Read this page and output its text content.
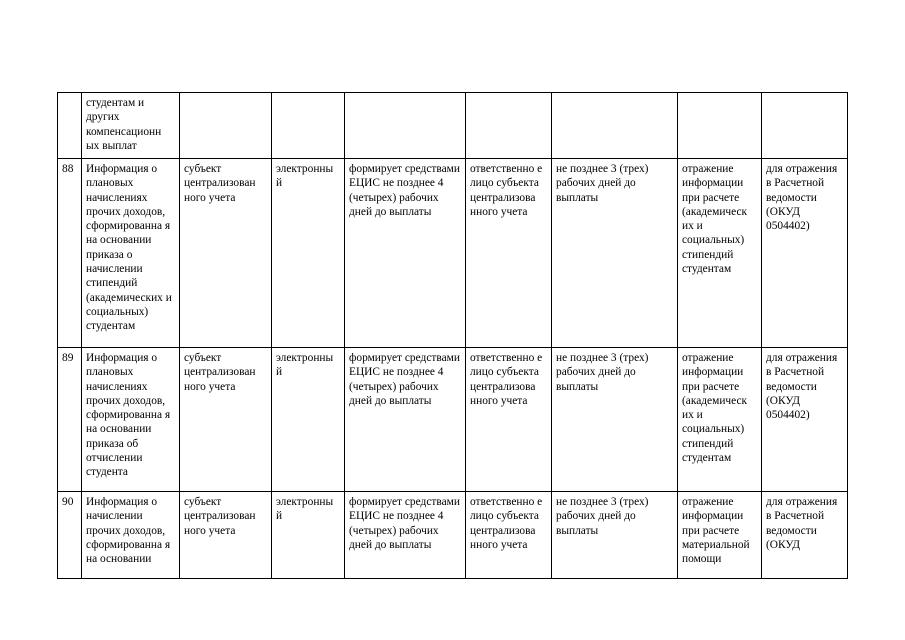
	студентам и других компенсационн ых выплат							
88	Информация о плановых начислениях прочих доходов, сформированна я на основании приказа о начислении стипендий (академических и социальных) студентам	субъект централизован ного учета	электронны й	формирует средствами ЕЦИС не позднее 4 (четырех) рабочих дней до выплаты	ответственно е лицо субъекта централизова нного учета	не позднее 3 (трех) рабочих дней до выплаты	отражение информации при расчете (академическ их и социальных) стипендий студентам	для отражения в Расчетной ведомости (ОКУД 0504402)
89	Информация о плановых начислениях прочих доходов, сформированна я на основании приказа об отчислении студента	субъект централизован ного учета	электронны й	формирует средствами ЕЦИС не позднее 4 (четырех) рабочих дней до выплаты	ответственно е лицо субъекта централизова нного учета	не позднее 3 (трех) рабочих дней до выплаты	отражение информации при расчете (академическ их и социальных) стипендий студентам	для отражения в Расчетной ведомости (ОКУД 0504402)
90	Информация о начислении прочих доходов, сформированна я на основании	субъект централизован ного учета	электронны й	формирует средствами ЕЦИС не позднее 4 (четырех) рабочих дней до выплаты	ответственно е лицо субъекта централизова нного учета	не позднее 3 (трех) рабочих дней до выплаты	отражение информации при расчете материальной помощи	для отражения в Расчетной ведомости (ОКУД
